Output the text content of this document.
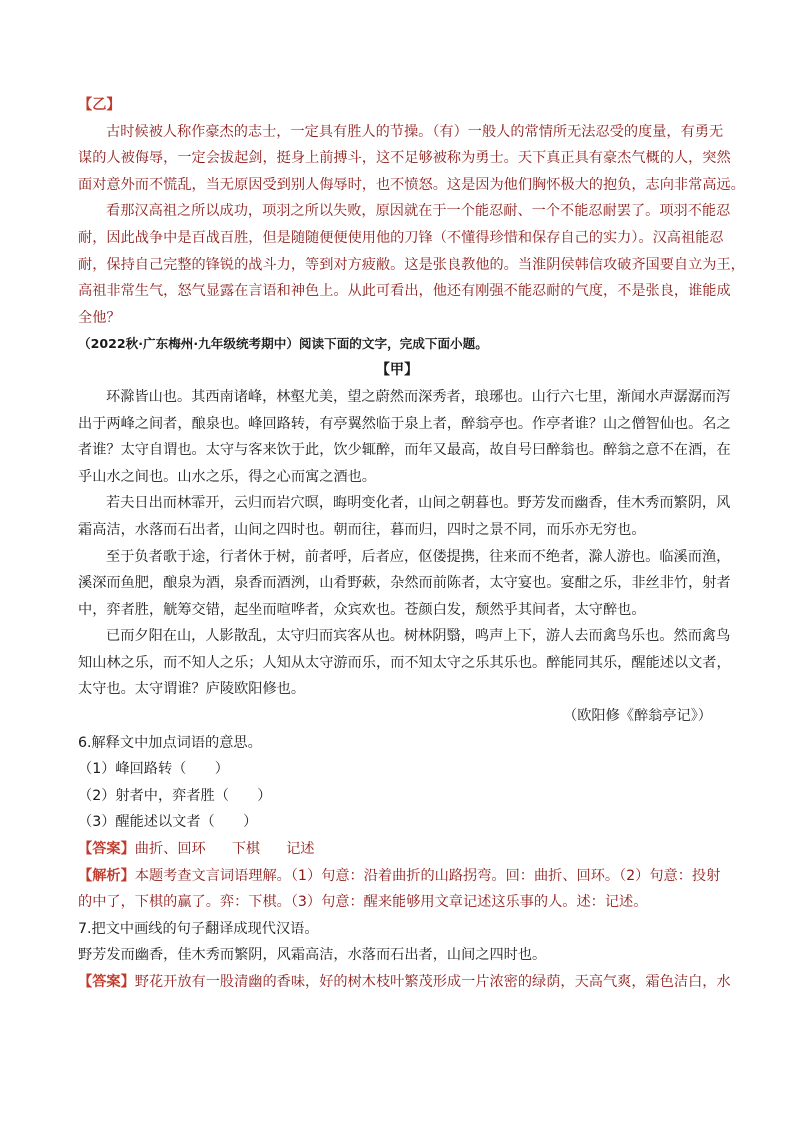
【乙】

古时候被人称作豪杰的志士，一定具有胜人的节操。（有）一般人的常情所无法忍受的度量，有勇无

谋的人被侮辱，一定会拔起剑，挺身上前搏斗，这不足够被称为勇士。天下真正具有豪杰气概的人，突然

面对意外而不慌乱，当无原因受到别人侮辱时，也不愤怒。这是因为他们胸怀极大的抱负，志向非常高远。

看那汉高祖之所以成功，项羽之所以失败，原因就在于一个能忍耐、一个不能忍耐罢了。项羽不能忍

耐，因此战争中是百战百胜，但是随随便便使用他的刀锋（不懂得珍惜和保存自己的实力）。汉高祖能忍

耐，保持自己完整的锋锐的战斗力，等到对方疲敝。这是张良教他的。当淮阴侯韩信攻破齐国要自立为王，

高祖非常生气，怒气显露在言语和神色上。从此可看出，他还有刚强不能忍耐的气度，不是张良，谁能成

全他？

（2022秋·广东梅州·九年级统考期中）阅读下面的文字，完成下面小题。

【甲】

环滁皆山也。其西南诸峰，林壑尤美，望之蔚然而深秀者，琅琊也。山行六七里，渐闻水声潺潺而泻

出于两峰之间者，酿泉也。峰回路转，有亭翼然临于泉上者，醉翁亭也。作亭者谁？山之僧智仙也。名之

者谁？太守自谓也。太守与客来饮于此，饮少辄醉，而年又最高，故自号曰醉翁也。醉翁之意不在酒，在

乎山水之间也。山水之乐，得之心而寓之酒也。

若夫日出而林霏开，云归而岩穴暝，晦明变化者，山间之朝暮也。野芳发而幽香，佳木秀而繁阴，风

霜高洁，水落而石出者，山间之四时也。朝而往，暮而归，四时之景不同，而乐亦无穷也。

至于负者歌于途，行者休于树，前者呼，后者应，伛偻提携，往来而不绝者，滁人游也。临溪而渔，

溪深而鱼肥，酿泉为酒，泉香而酒洌，山肴野蔌，杂然而前陈者，太守宴也。宴酣之乐，非丝非竹，射者

中，弈者胜，觥筹交错，起坐而喧哗者，众宾欢也。苍颜白发，颓然乎其间者，太守醉也。

已而夕阳在山，人影散乱，太守归而宾客从也。树林阴翳，鸣声上下，游人去而禽鸟乐也。然而禽鸟

知山林之乐，而不知人之乐；人知从太守游而乐，而不知太守之乐其乐也。醉能同其乐，醒能述以文者，

太守也。太守谓谁？庐陵欧阳修也。

（欧阳修《醉翁亭记》）

6.解释文中加点词语的意思。

（1）峰回路转（　　）

（2）射者中，弈者胜（　　）

（3）醒能述以文者（　　）

【答案】曲折、回环 下棋 记述

【解析】本题考查文言词语理解。（1）句意：沿着曲折的山路拐弯。回：曲折、回环。（2）句意：投射

的中了，下棋的赢了。弈：下棋。（3）句意：醒来能够用文章记述这乐事的人。述：记述。

7.把文中画线的句子翻译成现代汉语。

野芳发而幽香，佳木秀而繁阴，风霜高洁，水落而石出者，山间之四时也。

【答案】野花开放有一股清幽的香味，好的树木枝叶繁茂形成一片浓密的绿荫，天高气爽，霜色洁白，水
